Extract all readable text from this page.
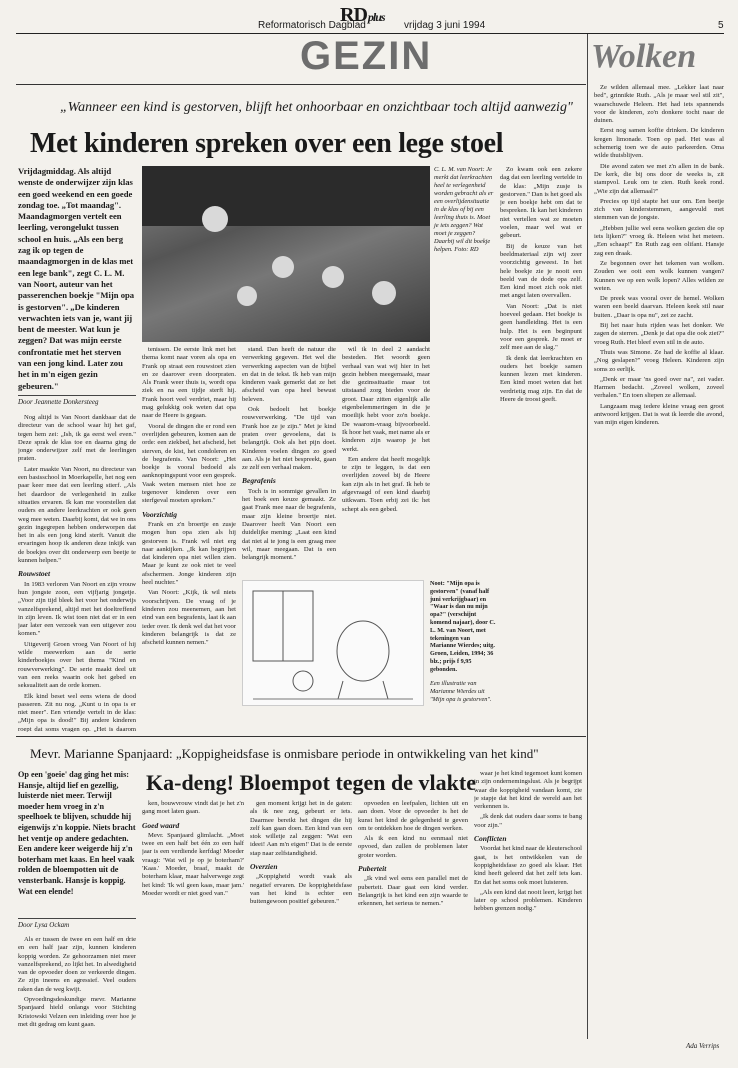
RDplus
Reformatorisch Dagblad	vrijdag 3 juni 1994	5
GEZIN	Wolken
„Wanneer een kind is gestorven, blijft het onhoorbaar en onzichtbaar toch altijd aanwezig"
Met kinderen spreken over een lege stoel
Vrijdagmiddag. Als altijd wenste de onderwijzer zijn klas een goed weekend en een goede zondag toe. „Tot maandag". Maandagmorgen vertelt een leerling, verongelukt tussen school en huis. „Als een berg zag ik op tegen de maandagmorgen in de klas met een lege bank", zegt C. L. M. van Noort, auteur van het passerenchen boekje "Mijn opa is gestorven". „De kinderen verwachten iets van je, want jij bent de meester. Wat kun je zeggen? Dat was mijn eerste confrontatie met het sterven van een jong kind. Later zou het in m'n eigen gezin gebeuren."
Door Jeannette Donkersteeg
C. L. M. van Noort: Je merkt dat leerkrachten heel te verlegenheid worden gebracht als er een overlijdensituatie in de klas of bij een leerling thuis is. Moet je iets zeggen? Wat moet je zeggen? Daarbij wil dit boekje helpen. Foto: RD

Nog altijd is Van Noort dankbaar dat de directeur van de school waar hij het gaf, tegen hem zei: „Ish, ik ga eerst wel even." Deze sprak de klas toe en daarna ging de jonge onderwijzer zelf met de leerlingen praten.

Later maakte Van Noort, nu directeur van een basisschool in Moerkapelle, het nog een paar keer mee dat een leerling stierf. „Als het daardoor de verlegenheid in zulke situaties ervaren. Ik kan me voorstellen dat ouders en andere leerkrachten er ook geen weg mee weten. Daarbij komt, dat we in ons gezin ingegrepen hebben onderworpen dat het in als een jong kind sterft. Vanuit die ervaringen hoop ik anderen deze inkijk van de boekjes over dit onderwerp een beetje te kunnen helpen."

Rouwstoet

In 1983 verloren Van Noort en zijn vrouw hun jongste zoon, een vijfjarig jongetje. „Voor zijn tijd bleek het voor het onderwijs vanzelfsprekend, altijd met het doeltreffend in zijn leven. Ik wist toen niet dat er in een jaar later een verzoek van een uitgever zou komen."

Uitgeverij Groen vroeg Van Noort of hij wilde meewerken aan de serie kinderboekjes over het thema "Kind en rouwverwerking". De serie maakt deel uit van een reeks waarin ook het gebed en seksualiteit aan de orde komen.

Elk kind beset wel eens wiens de dood passeren. Zit nu nog. „Kunt u in opa is er niet meer". Een vriendje vertelt in de klas: „Mijn opa is dood!" Bij andere kinderen roept dat soms vragen op. „Het is daarom

tenissen. De eerste link met het thema komt naar voren als opa en Frank op straat een rouwstoet zien en ze daarover even doorpraten. Als Frank weer thuis is, wordt opa ziek en na een tijdje sterft hij. Frank hoort veel verdriet, maar hij mag gelukkig ook weten dat opa naar de Heere is gegaan.

Vooral de dingen die er rond een overlijden gebeuren, komen aan de orde: een ziekbed, het afscheid, het sterven, de kist, het condoleren en de begrafenis. Van Noort: „Het boekje is vooral bedoeld als aanknopingspunt voor een gesprek. Vaak weten mensen niet hoe ze tegenover kinderen over een sterfgeval moeten spreken."

Voorzichtig

Frank en z'n broertje en zusje mogen hun opa zien als hij gestorven is. Frank wil niet erg naar aankijken. „Ik kan begrijpen dat kinderen opa niet willen zien. Maar je kunt ze ook niet te veel afschermen. Jonge kinderen zijn heel nuchter."

Van Noort: „Kijk, ik wil niets voorschrijven. De vraag of je kinderen zou meenemen, aan het eind van een begrafenis, laat ik aan ieder over. Ik denk wel dat het voor kinderen belangrijk is dat ze afscheid kunnen nemen."

stand. Dan heeft de natuur die verwerking gegeven. Het wel die verwerking aspecten van de bijbel en dat in de tekst. Ik heb van mijn kinderen vaak gemerkt dat ze het afscheid van opa heel bewust beleven.

Ook bedoelt het boekje rouwverwerking. "De tijd van Frank hoe ze je zijn." Met je kind praten over gevoelens, dat is belangrijk. Ook als het pijn doet. Kinderen voelen dingen zo goed aan. Als je het niet bespreekt, gaan ze zelf een verhaal maken.

Begrafenis

Toch is in sommige gevallen in het boek een keuze gemaakt. Ze gaat Frank mee naar de begrafenis, maar zijn kleine broertje niet. Daarover heeft Van Noort een duidelijke mening: „Laat een kind dat niet al te jong is een graag mee wil, maar meegaan. Dat is een belangrijk moment."

wil ik in deel 2 aandacht besteden. Het woordt geen verhaal van wat wij hier in het gezin hebben meegemaakt, maar die gezinssituatie maar tot uitstaand zorg bieden voor de groot. Daar zitten eigenlijk alle eigenbelemmeringen in die je moeilijk hebt voor zo'n boekje. De waarom-vraag bijvoorbeeld. Ik hoor het vaak, met name als er kinderen zijn waarop je het werkt.

Een andere dat heeft mogelijk te zijn te leggen, is dat een overlijden zoveel bij de Heere kan zijn als in het graf. Ik heb te afgevraagd of een kind daarbij uitkwam. Toen erbij zei ik: het schept als een gebed.

Zo kwam ook een zekere dag dat een leerling vertelde in de klas: „Mijn zusje is gestorven." Dan is het goed als je een boekje hebt om dat te bespreken. Ik kan het kinderen niet vertellen wat ze moeten voelen, maar wel wat er gebeurt.

Bij de keuze van het beeldmateriaal zijn wij zeer voorzichtig geweest. In het hele boekje zie je nooit een beeld van de dode opa zelf. Een kind moet zich ook niet met angst laten overvallen.

Van Noort: „Dat is niet hoeveel gedaan. Het boekje is geen handleiding. Het is een hulp. Het is een beginpunt voor een gesprek. Je moet er zelf mee aan de slag."

Ik denk dat leerkrachten en ouders het boekje samen kunnen lezen met kinderen. Een kind moet weten dat het verdrietig mag zijn. En dat de Heere de troost geeft.

Noot: "Mijn opa is gestorven" (vanaf half juni verkrijgbaar) en "Waar is dan nu mijn opa?" (verschijnt komend najaar), door C. L. M. van Noort, met tekeningen van Marianne Wierdes; uitg. Groen, Leiden, 1994; 36 blz.; prijs f 9,95 gebonden.
Een illustratie van Marianne Wierdes uit "Mijn opa is gestorven".
Mevr. Marianne Spanjaard: „Koppigheidsfase is onmisbare periode in ontwikkeling van het kind"
Ka-deng! Bloempot tegen de vlakte
Op een 'goeie' dag ging het mis: Hansje, altijd lief en gezellig, luisterde niet meer. Terwijl moeder hem vroeg in z'n speelhoek te blijven, schudde hij eigenwijs z'n koppie. Niets bracht het ventje op andere gedachten. Een andere keer weigerde hij z'n boterham met kaas. En heel vaak rolden de bloempotten uit de vensterbank. Hansje is koppig. Wat een elende!
Door Lysa Ockam

Als er tussen de twee en een half en drie en een half jaar zijn, kunnen kinderen koppig worden. Ze gehoorzamen niet meer vanzelfsprekend, zo lijkt het. In alwedigheid van de opvoeder doen ze verkeerde dingen. Ze zijn ineens en agressief. Veel ouders raken dan de weg kwijt.

Opvoedingsdeskundige mevr. Marianne Spanjaard hield onlangs voor Stichting Kristowski Velzen een inleiding over hoe je met dit gedrag om kunt gaan.

ken, bouwvrouw vindt dat je het z'n gang moet laten gaan.

Goed waard

Mevr. Spanjaard glimlacht. „Moet twee en een half bet één zo een half jaar is een verdiende kerfdag! Moeder vraagt: 'Wat wil je op je boterham?' 'Kaas.' Moeder, braaf, maakt de boterham klaar, maar halverwege zegt het kind: 'Ik wil geen kaas, maar jam.' Moeder wordt er niet goed van."

gen moment krijgt het in de gaten: als ik nee zeg, gebeurt er iets. Daarmee bereikt het dingen die hij zelf kan gaan doen. Een kind van een stok willetje zal zeggen: 'Wat een ideei! Aan m'n eigen!' Dat is de eerste stap naar zelfstandigheid.

Overzien

„Koppigheid wordt vaak als negatief ervaren. De koppigheidsfase van het kind is echter een buitengewoon positief gebeuren."

opvoeden en leefpalen, lichten uit en aan doen. Voor de opvoeder is het de kunst het kind de gelegenheid te geven om te ontdekken hoe de dingen werken.

Als ik een kind nu eenmaal niet opvoed, dan zullen de problemen later groter worden.

Puberteit

„Ik vind wel eens een parallel met de puberteit. Daar gaat een kind verder. Belangrijk is het kind een zijn waarde te erkennen, het serieus te nemen."

waar je het kind tegemoet kunt komen in zijn ondernemingslust. Als je begrijpt waar die koppigheid vandaan komt, zie je stapje dat het kind de wereld aan het verkennen is.

„Ik denk dat ouders daar soms te bang voor zijn."

Conflicten

Voordat het kind naar de kleuterschool gaat, is het ontwikkelen van de koppigheidsfase zo goed als klaar. Het kind heeft geleerd dat het zelf iets kan. En dat het soms ook moet luisteren.

„Als een kind dat nooit leert, krijgt het later op school problemen. Kinderen hebben grenzen nodig."

Ze wilden allemaal mee. „Lekker laat naar bed", grinnikte Ruth. „Als je maar wel stil zit", waarschuwde Heleen. Het had iets spannends voor de kinderen, zo'n donkere tocht naar de duinen.

Eerst nog samen koffie drinken. De kinderen kregen limonade. Toen op pad. Het was al schemerig toen we de auto parkeerden. Oma wilde thuisblijven.

Die avond zaten we met z'n allen in de bank. De kerk, die bij ons door de weeks is, zit stampvol. Leuk om te zien. Ruth keek rond. „Wie zijn dat allemaal?"

Precies op tijd stapte het uur om. Een beetje zich van kinderstemmen, aangevuld met stemmen van de jongste.

„Hebben jullie wel eens wolken gezien die op iets lijken?" vroeg ik. Heleen wist het meteen. „Een schaap!" En Ruth zag een olifant. Hansje zag een draak.

Ze begonnen over het tekenen van wolken. Zouden we ooit een wolk kunnen vangen? Kunnen we op een wolk lopen? Alles wilden ze weten.

De preek was vooral over de hemel. Wolken waren een beeld daarvan. Heleen keek stil naar buiten. „Daar is opa nu", zei ze zacht.

Bij het naar huis rijden was het donker. We zagen de sterren. „Denk je dat opa die ook ziet?" vroeg Ruth. Het bleef even stil in de auto.

Thuis was Simone. Ze had de koffie al klaar. „Nog geslapen?" vroeg Heleen. Kinderen zijn soms zo eerlijk.

„Denk er maar 'ns goed over na", zei vader. Harmen bedacht. „Zoveel wolken, zoveel verhalen." En toen sliepen ze allemaal.

Langzaam mag iedere kleine vraag een groot antwoord krijgen. Dat is wat ik leerde die avond, van mijn eigen kinderen.

Ada Verrips
